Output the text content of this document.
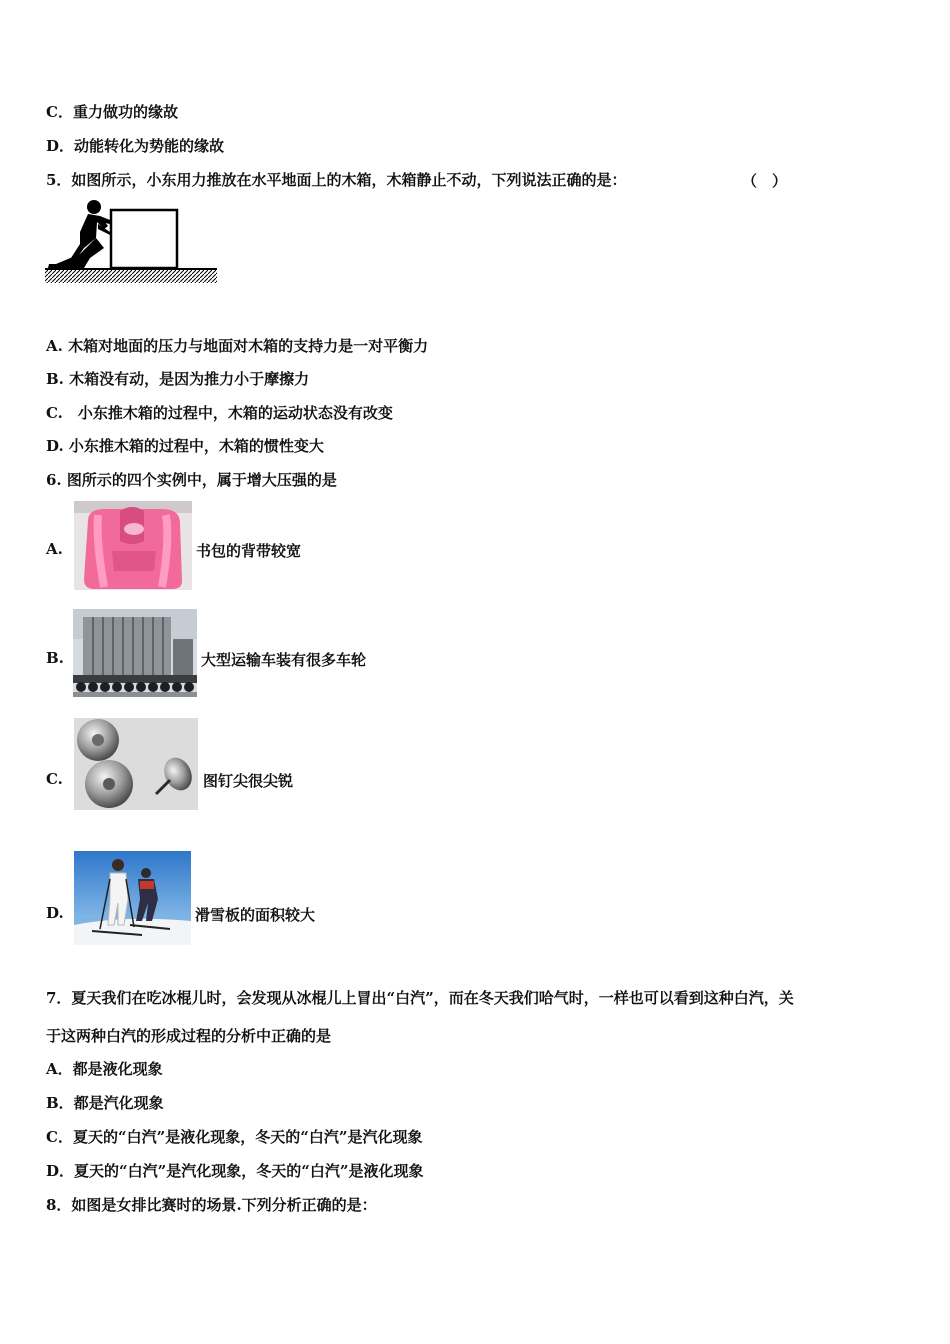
C．重力做功的缘故
D．动能转化为势能的缘故
5．如图所示，小东用力推放在水平地面上的木箱，木箱静止不动，下列说法正确的是：	（　）
A. 木箱对地面的压力与地面对木箱的支持力是一对平衡力
B. 木箱没有动，是因为推力小于摩擦力
C.　小东推木箱的过程中，木箱的运动状态没有改变
D. 小东推木箱的过程中，木箱的惯性变大
6. 图所示的四个实例中，属于增大压强的是
A.	书包的背带较宽
B.	大型运输车装有很多车轮
C.	图钉尖很尖锐
D.	滑雪板的面积较大
7．夏天我们在吃冰棍儿时，会发现从冰棍儿上冒出“白汽”，而在冬天我们哈气时，一样也可以看到这种白汽，关
于这两种白汽的形成过程的分析中正确的是
A．都是液化现象
B．都是汽化现象
C．夏天的“白汽”是液化现象，冬天的“白汽”是汽化现象
D．夏天的“白汽”是汽化现象，冬天的“白汽”是液化现象
8．如图是女排比赛时的场景.下列分析正确的是：
